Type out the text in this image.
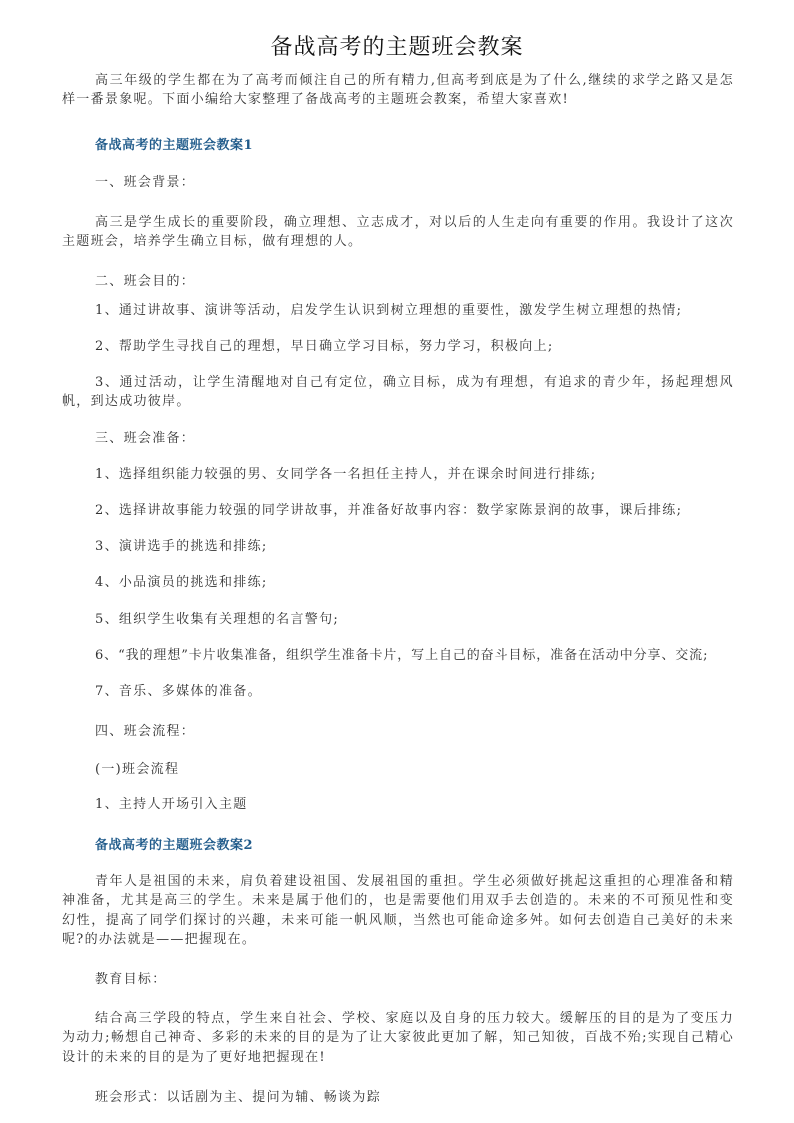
备战高考的主题班会教案
高三年级的学生都在为了高考而倾注自己的所有精力,但高考到底是为了什么,继续的求学之路又是怎样一番景象呢。下面小编给大家整理了备战高考的主题班会教案，希望大家喜欢!
备战高考的主题班会教案1
一、班会背景：
高三是学生成长的重要阶段，确立理想、立志成才，对以后的人生走向有重要的作用。我设计了这次主题班会，培养学生确立目标，做有理想的人。
二、班会目的：
1、通过讲故事、演讲等活动，启发学生认识到树立理想的重要性，激发学生树立理想的热情;
2、帮助学生寻找自己的理想，早日确立学习目标，努力学习，积极向上;
3、通过活动，让学生清醒地对自己有定位，确立目标，成为有理想，有追求的青少年，扬起理想风帆，到达成功彼岸。
三、班会准备：
1、选择组织能力较强的男、女同学各一名担任主持人，并在课余时间进行排练;
2、选择讲故事能力较强的同学讲故事，并准备好故事内容：数学家陈景润的故事，课后排练;
3、演讲选手的挑选和排练;
4、小品演员的挑选和排练;
5、组织学生收集有关理想的名言警句;
6、“我的理想”卡片收集准备，组织学生准备卡片，写上自己的奋斗目标，准备在活动中分享、交流;
7、音乐、多媒体的准备。
四、班会流程：
(一)班会流程
1、主持人开场引入主题
备战高考的主题班会教案2
青年人是祖国的未来，肩负着建设祖国、发展祖国的重担。学生必须做好挑起这重担的心理准备和精神准备，尤其是高三的学生。未来是属于他们的，也是需要他们用双手去创造的。未来的不可预见性和变幻性，提高了同学们探讨的兴趣，未来可能一帆风顺，当然也可能命途多舛。如何去创造自己美好的未来呢?的办法就是——把握现在。
教育目标：
结合高三学段的特点，学生来自社会、学校、家庭以及自身的压力较大。缓解压的目的是为了变压力为动力;畅想自己神奇、多彩的未来的目的是为了让大家彼此更加了解，知己知彼，百战不殆;实现自己精心设计的未来的目的是为了更好地把握现在!
班会形式：以话剧为主、提问为辅、畅谈为踪
